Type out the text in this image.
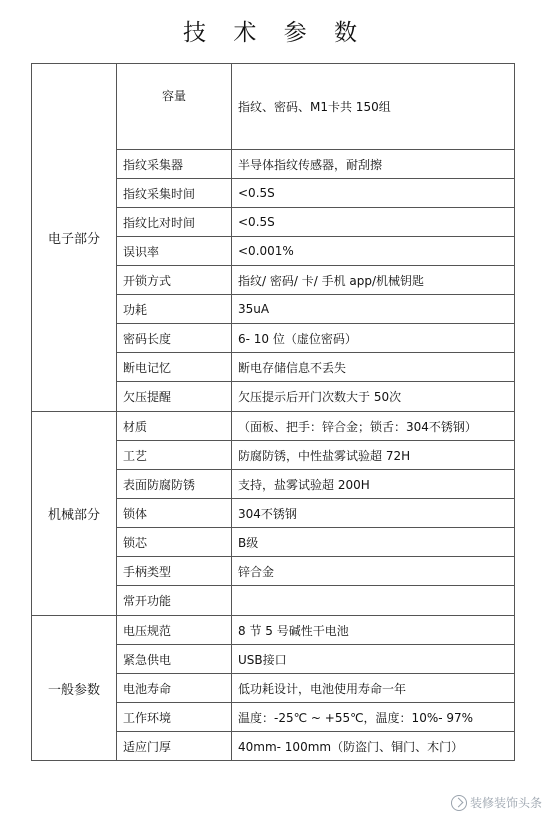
技 术 参 数
电子部分	容量	指纹、密码、M1卡共 150组
	指纹采集器	半导体指纹传感器，耐刮擦
	指纹采集时间	<0.5S
	指纹比对时间	<0.5S
	误识率	<0.001%
	开锁方式	指纹/ 密码/ 卡/ 手机 app/机械钥匙
	功耗	35uA
	密码长度	6- 10 位（虚位密码）
	断电记忆	断电存储信息不丢失
	欠压提醒	欠压提示后开门次数大于 50次
机械部分	材质	（面板、把手：锌合金；锁舌：304不锈钢）
	工艺	防腐防锈，中性盐雾试验超 72H
	表面防腐防锈	支持，盐雾试验超 200H
	锁体	304不锈钢
	锁芯	B级
	手柄类型	锌合金
	常开功能	
一般参数	电压规范	8 节 5 号碱性干电池
	紧急供电	USB接口
	电池寿命	低功耗设计，电池使用寿命一年
	工作环境	温度：-25℃ ~ +55℃，温度：10%- 97%
	适应门厚	40mm- 100mm（防盗门、铜门、木门）
装修装饰头条
